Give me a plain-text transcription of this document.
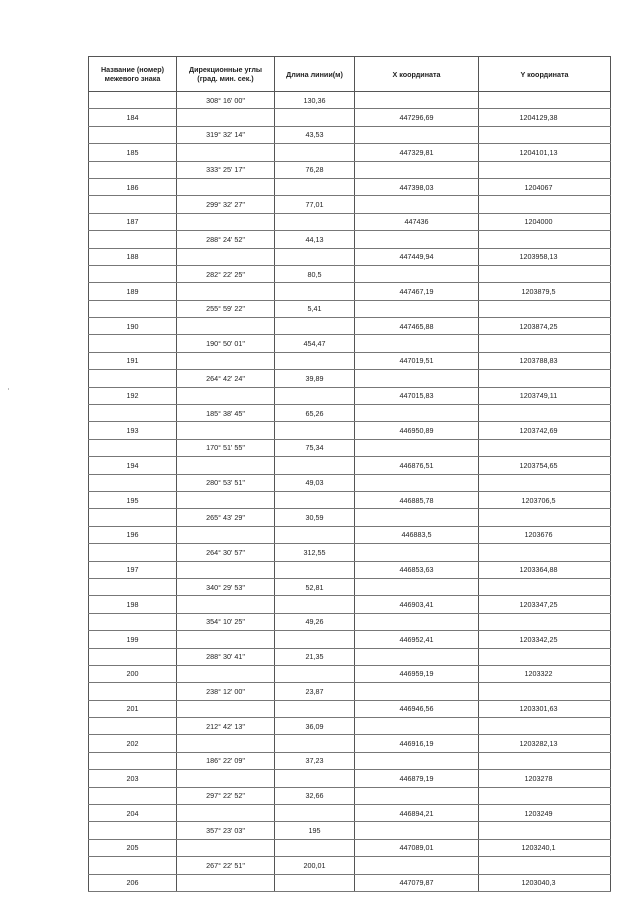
Название (номер) межевого знака	Дирекционные углы (град. мин. сек.)	Длина линии(м)	X координата	Y координата
	308° 16' 00"	130,36		
184			447296,69	1204129,38
	319° 32' 14"	43,53		
185			447329,81	1204101,13
	333° 25' 17"	76,28		
186			447398,03	1204067
	299° 32' 27"	77,01		
187			447436	1204000
	288° 24' 52"	44,13		
188			447449,94	1203958,13
	282° 22' 25"	80,5		
189			447467,19	1203879,5
	255° 59' 22"	5,41		
190			447465,88	1203874,25
	190° 50' 01"	454,47		
191			447019,51	1203788,83
	264° 42' 24"	39,89		
192			447015,83	1203749,11
	185° 38' 45"	65,26		
193			446950,89	1203742,69
	170° 51' 55"	75,34		
194			446876,51	1203754,65
	280° 53' 51"	49,03		
195			446885,78	1203706,5
	265° 43' 29"	30,59		
196			446883,5	1203676
	264° 30' 57"	312,55		
197			446853,63	1203364,88
	340° 29' 53"	52,81		
198			446903,41	1203347,25
	354° 10' 25"	49,26		
199			446952,41	1203342,25
	288° 30' 41"	21,35		
200			446959,19	1203322
	238° 12' 00"	23,87		
201			446946,56	1203301,63
	212° 42' 13"	36,09		
202			446916,19	1203282,13
	186° 22' 09"	37,23		
203			446879,19	1203278
	297° 22' 52"	32,66		
204			446894,21	1203249
	357° 23' 03"	195		
205			447089,01	1203240,1
	267° 22' 51"	200,01		
206			447079,87	1203040,3
